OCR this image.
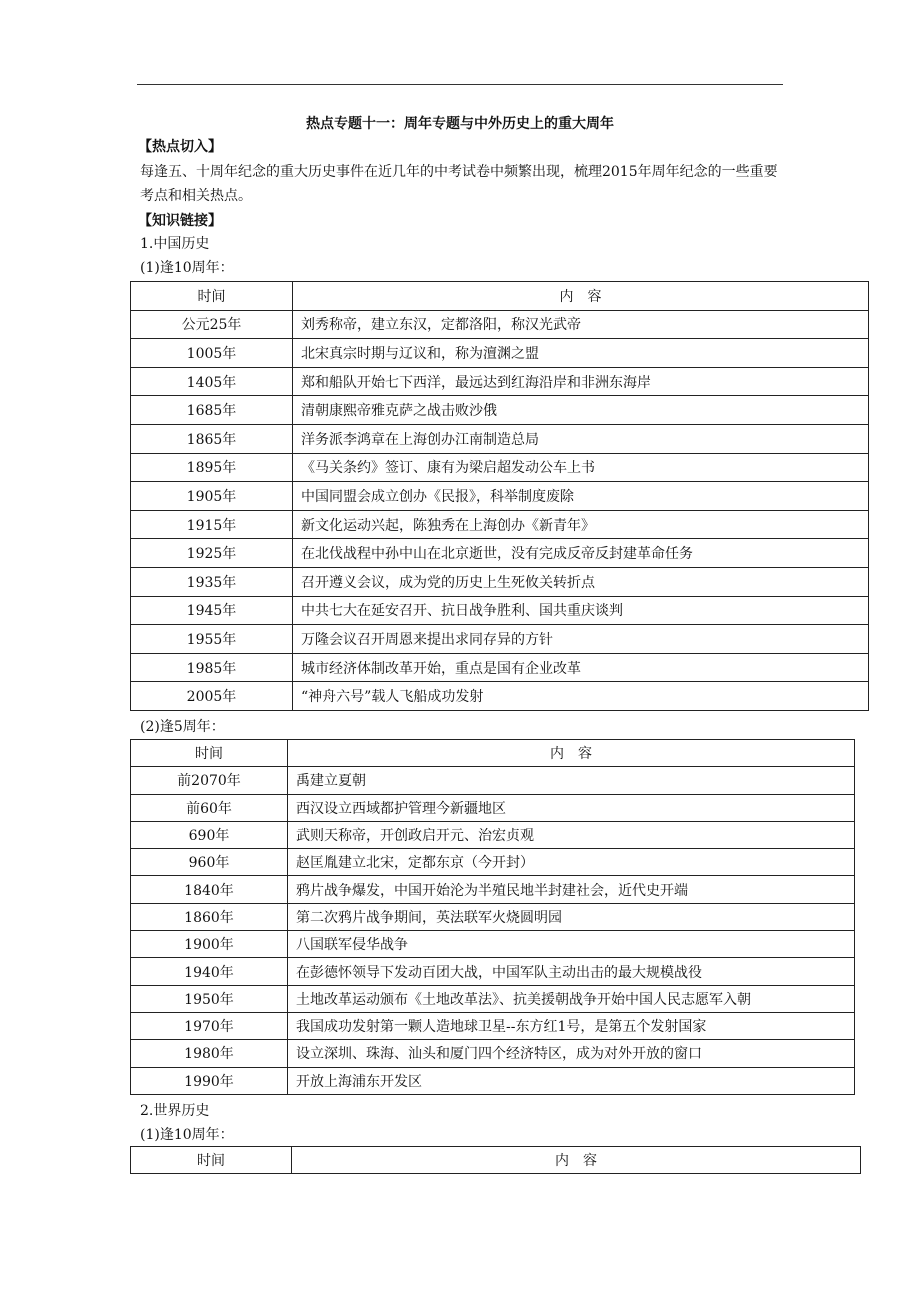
热点专题十一：周年专题与中外历史上的重大周年
【热点切入】
每逢五、十周年纪念的重大历史事件在近几年的中考试卷中频繁出现，梳理2015年周年纪念的一些重要考点和相关热点。
【知识链接】
1.中国历史
(1)逢10周年：
时间	内　容
公元25年	刘秀称帝，建立东汉，定都洛阳，称汉光武帝
1005年	北宋真宗时期与辽议和，称为澶渊之盟
1405年	郑和船队开始七下西洋，最远达到红海沿岸和非洲东海岸
1685年	清朝康熙帝雅克萨之战击败沙俄
1865年	洋务派李鸿章在上海创办江南制造总局
1895年	《马关条约》签订、康有为梁启超发动公车上书
1905年	中国同盟会成立创办《民报》，科举制度废除
1915年	新文化运动兴起，陈独秀在上海创办《新青年》
1925年	在北伐战程中孙中山在北京逝世，没有完成反帝反封建革命任务
1935年	召开遵义会议，成为党的历史上生死攸关转折点
1945年	中共七大在延安召开、抗日战争胜利、国共重庆谈判
1955年	万隆会议召开周恩来提出求同存异的方针
1985年	城市经济体制改革开始，重点是国有企业改革
2005年	“神舟六号”载人飞船成功发射
(2)逢5周年：
时间	内　容
前2070年	禹建立夏朝
前60年	西汉设立西域都护管理今新疆地区
690年	武则天称帝，开创政启开元、治宏贞观
960年	赵匡胤建立北宋，定都东京（今开封）
1840年	鸦片战争爆发，中国开始沦为半殖民地半封建社会，近代史开端
1860年	第二次鸦片战争期间，英法联军火烧圆明园
1900年	八国联军侵华战争
1940年	在彭德怀领导下发动百团大战，中国军队主动出击的最大规模战役
1950年	土地改革运动颁布《土地改革法》、抗美援朝战争开始中国人民志愿军入朝
1970年	我国成功发射第一颗人造地球卫星--东方红1号，是第五个发射国家
1980年	设立深圳、珠海、汕头和厦门四个经济特区，成为对外开放的窗口
1990年	开放上海浦东开发区
2.世界历史
(1)逢10周年：
时间	内　容
